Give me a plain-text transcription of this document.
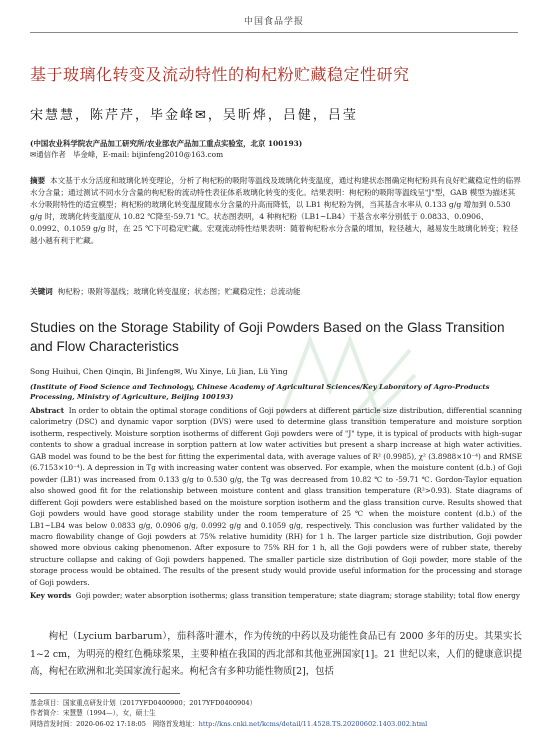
中国食品学报
基于玻璃化转变及流动特性的枸杞粉贮藏稳定性研究
宋慧慧，陈芹芹，毕金峰✉，吴昕烨，吕健，吕莹
(中国农业科学院农产品加工研究所/农业部农产品加工重点实验室，北京 100193)
✉通信作者　毕金峰，E-mail: bijinfeng2010@163.com
摘要 本文基于水分活度和玻璃化转变理论，分析了枸杞粉的吸附等温线及玻璃化转变温度，通过构建状态图确定枸杞粉具有良好贮藏稳定性的临界水分含量；通过测试不同水分含量的枸杞粉的流动特性表征体系玻璃化转变的变化。结果表明：枸杞粉的吸附等温线呈"J"型，GAB 模型为描述其水分吸附特性的适宜模型；枸杞粉的玻璃化转变温度随水分含量的升高而降低，以 LB1 枸杞粉为例，当其基含水率从 0.133 g/g 增加到 0.530 g/g 时，玻璃化转变温度从 10.82 ℃降至-59.71 ℃。状态图表明，4 种枸杞粉（LB1~LB4）干基含水率分别低于 0.0833、0.0906、0.0992、0.1059 g/g 时，在 25 ℃下可稳定贮藏。宏观流动特性结果表明：随着枸杞粉水分含量的增加，粒径越大，越易发生玻璃化转变；粒径越小越有利于贮藏。
关键词 枸杞粉；吸附等温线；玻璃化转变温度；状态图；贮藏稳定性；总流动能
Studies on the Storage Stability of Goji Powders Based on the Glass Transition and Flow Characteristics
Song Huihui, Chen Qinqin, Bi Jinfeng✉, Wu Xinye, Lü Jian, Lü Ying
(Institute of Food Science and Technology, Chinese Academy of Agricultural Sciences/Key Laboratory of Agro-Products Processing, Ministry of Agriculture, Beijing 100193)
Abstract In order to obtain the optimal storage conditions of Goji powders at different particle size distribution, differential scanning calorimetry (DSC) and dynamic vapor sorption (DVS) were used to determine glass transition temperature and moisture sorption isotherm, respectively. Moisture sorption isotherms of different Goji powders were of "J" type, it is typical of products with high-sugar contents to show a gradual increase in sorption pattern at low water activities but present a sharp increase at high water activities. GAB model was found to be the best for fitting the experimental data, with average values of R² (0.9985), χ² (3.8988×10⁻⁴) and RMSE (6.7153×10⁻⁴). A depression in Tg with increasing water content was observed. For example, when the moisture content (d.b.) of Goji powder (LB1) was increased from 0.133 g/g to 0.530 g/g, the Tg was decreased from 10.82 ℃ to -59.71 ℃. Gordon-Taylor equation also showed good fit for the relationship between moisture content and glass transition temperature (R²>0.93). State diagrams of different Goji powders were established based on the moisture sorption isotherm and the glass transition curve. Results showed that Goji powders would have good storage stability under the room temperature of 25 ℃ when the moisture content (d.b.) of the LB1~LB4 was below 0.0833 g/g, 0.0906 g/g, 0.0992 g/g and 0.1059 g/g, respectively. This conclusion was further validated by the macro flowability change of Goji powders at 75% relative humidity (RH) for 1 h. The larger particle size distribution, Goji powder showed more obvious caking phenomenon. After exposure to 75% RH for 1 h, all the Goji powders were of rubber state, thereby structure collapse and caking of Goji powders happened. The smaller particle size distribution of Goji powder, more stable of the storage process would be obtained. The results of the present study would provide useful information for the processing and storage of Goji powders.
Key words Goji powder; water absorption isotherms; glass transition temperature; state diagram; storage stability; total flow energy
枸杞（Lycium barbarum），茄科落叶灌木，作为传统的中药以及功能性食品已有 2000 多年的历史。其果实长 1~2 cm，为明亮的橙红色椭球浆果，主要种植在我国的西北部和其他亚洲国家[1]。21 世纪以来，人们的健康意识提高，枸杞在欧洲和北美国家流行起来。枸杞含有多种功能性物质[2]，包括
基金项目：国家重点研发计划（2017YFD0400900；2017YFD0400904）
作者简介：宋慧慧（1994—），女，硕士生
网络首发时间：2020-06-02 17:18:05　网络首发地址：http://kns.cnki.net/kcms/detail/11.4528.TS.20200602.1403.002.html
